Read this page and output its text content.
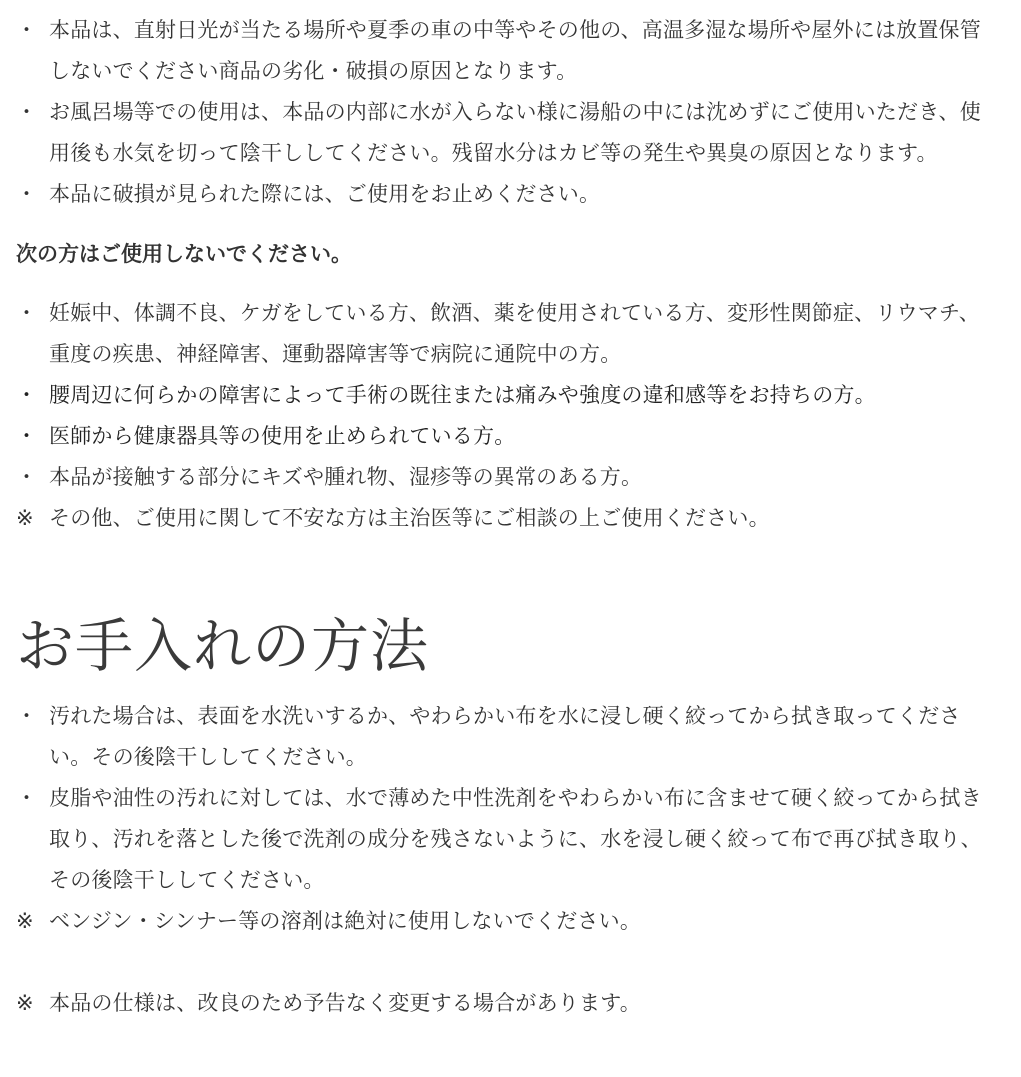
・ 本品は、直射日光が当たる場所や夏季の車の中等やその他の、高温多湿な場所や屋外には放置保管しないでください商品の劣化・破損の原因となります。
・ お風呂場等での使用は、本品の内部に水が入らない様に湯船の中には沈めずにご使用いただき、使用後も水気を切って陰干ししてください。残留水分はカビ等の発生や異臭の原因となります。
・ 本品に破損が見られた際には、ご使用をお止めください。
次の方はご使用しないでください。
・ 妊娠中、体調不良、ケガをしている方、飲酒、薬を使用されている方、変形性関節症、リウマチ、重度の疾患、神経障害、運動器障害等で病院に通院中の方。
・ 腰周辺に何らかの障害によって手術の既往または痛みや強度の違和感等をお持ちの方。
・ 医師から健康器具等の使用を止められている方。
・ 本品が接触する部分にキズや腫れ物、湿疹等の異常のある方。
※ その他、ご使用に関して不安な方は主治医等にご相談の上ご使用ください。
お手入れの方法
・ 汚れた場合は、表面を水洗いするか、やわらかい布を水に浸し硬く絞ってから拭き取ってください。その後陰干ししてください。
・ 皮脂や油性の汚れに対しては、水で薄めた中性洗剤をやわらかい布に含ませて硬く絞ってから拭き取り、汚れを落とした後で洗剤の成分を残さないように、水を浸し硬く絞って布で再び拭き取り、その後陰干ししてください。
※ ベンジン・シンナー等の溶剤は絶対に使用しないでください。
※ 本品の仕様は、改良のため予告なく変更する場合があります。
